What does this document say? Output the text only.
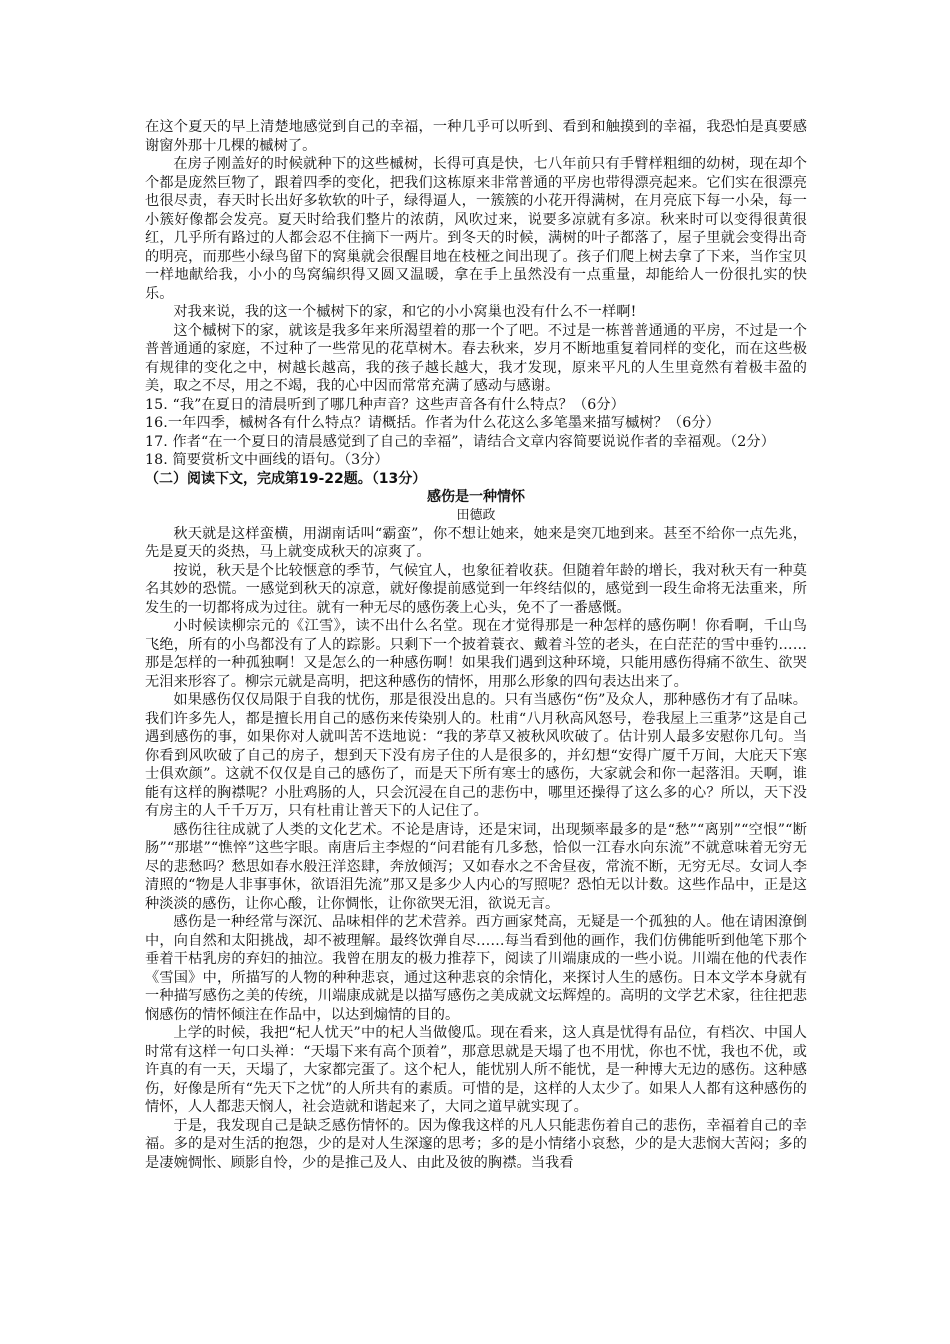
在这个夏天的早上清楚地感觉到自己的幸福，一种几乎可以听到、看到和触摸到的幸福，我恐怕是真要感谢窗外那十几棵的槭树了。

在房子刚盖好的时候就种下的这些槭树，长得可真是快，七八年前只有手臂样粗细的幼树，现在却个个都是庞然巨物了，跟着四季的变化，把我们这栋原来非常普通的平房也带得漂亮起来。它们实在很漂亮也很尽责，春天时长出好多软软的叶子，绿得逼人，一簇簇的小花开得满树，在月亮底下每一小朵，每一小簇好像都会发亮。夏天时给我们整片的浓荫，风吹过来，说要多凉就有多凉。秋来时可以变得很黄很红，几乎所有路过的人都会忍不住摘下一两片。到冬天的时候，满树的叶子都落了，屋子里就会变得出奇的明亮，而那些小绿鸟留下的窝巢就会很醒目地在枝桠之间出现了。孩子们爬上树去拿了下来，当作宝贝一样地献给我，小小的鸟窝编织得又圆又温暖，拿在手上虽然没有一点重量，却能给人一份很扎实的快乐。

对我来说，我的这一个槭树下的家，和它的小小窝巢也没有什么不一样啊!

这个槭树下的家，就该是我多年来所渴望着的那一个了吧。不过是一栋普普通通的平房，不过是一个普普通通的家庭，不过种了一些常见的花草树木。春去秋来，岁月不断地重复着同样的变化，而在这些极有规律的变化之中，树越长越高，我的孩子越长越大，我才发现，原来平凡的人生里竟然有着极丰盈的美，取之不尽，用之不竭，我的心中因而常常充满了感动与感谢。

15. “我”在夏日的清晨听到了哪几种声音？这些声音各有什么特点？（6分）

16.一年四季，槭树各有什么特点？请概括。作者为什么花这么多笔墨来描写槭树？（6分）

17. 作者“在一个夏日的清晨感觉到了自己的幸福”，请结合文章内容简要说说作者的幸福观。（2分）

18. 简要赏析文中画线的语句。（3分）

（二）阅读下文，完成第19-22题。（13分）
感伤是一种情怀
田德政

秋天就是这样蛮横，用湖南话叫“霸蛮”，你不想让她来，她来是突兀地到来。甚至不给你一点先兆，先是夏天的炎热，马上就变成秋天的凉爽了。

按说，秋天是个比较惬意的季节，气候宜人，也象征着收获。但随着年龄的增长，我对秋天有一种莫名其妙的恐慌。一感觉到秋天的凉意，就好像提前感觉到一年终结似的，感觉到一段生命将无法重来，所发生的一切都将成为过往。就有一种无尽的感伤袭上心头，免不了一番感慨。

小时候读柳宗元的《江雪》，读不出什么名堂。现在才觉得那是一种怎样的感伤啊！你看啊，千山鸟飞绝，所有的小鸟都没有了人的踪影。只剩下一个披着蓑衣、戴着斗笠的老头，在白茫茫的雪中垂钓……那是怎样的一种孤独啊！又是怎么的一种感伤啊！如果我们遇到这种环境，只能用感伤得痛不欲生、欲哭无泪来形容了。柳宗元就是高明，把这种感伤的情怀，用那么形象的四句表达出来了。

如果感伤仅仅局限于自我的忧伤，那是很没出息的。只有当感伤“伤”及众人，那种感伤才有了品味。我们许多先人，都是擅长用自己的感伤来传染别人的。杜甫“八月秋高风怒号，卷我屋上三重茅”这是自己遇到感伤的事，如果你对人就叫苦不迭地说：“我的茅草又被秋风吹破了。估计别人最多安慰你几句。当你看到风吹破了自己的房子，想到天下没有房子住的人是很多的，并幻想“安得广厦千万间，大庇天下寒士俱欢颜”。这就不仅仅是自己的感伤了，而是天下所有寒士的感伤，大家就会和你一起落泪。天啊，谁能有这样的胸襟呢？小肚鸡肠的人，只会沉浸在自己的悲伤中，哪里还操得了这么多的心？所以，天下没有房主的人千千万万，只有杜甫让普天下的人记住了。

感伤往往成就了人类的文化艺术。不论是唐诗，还是宋词，出现频率最多的是“愁”“离别”“空恨”“断肠”“那堪”“憔悴”这些字眼。南唐后主李煜的“问君能有几多愁，恰似一江春水向东流”不就意味着无穷无尽的悲愁吗？愁思如春水般汪洋恣肆，奔放倾泻；又如春水之不舍昼夜，常流不断，无穷无尽。女词人李清照的“物是人非事事休，欲语泪先流”那又是多少人内心的写照呢？恐怕无以计数。这些作品中，正是这种淡淡的感伤，让你心酸，让你惆怅，让你欲哭无泪，欲说无言。

感伤是一种经常与深沉、品味相伴的艺术营养。西方画家梵高，无疑是一个孤独的人。他在请困潦倒中，向自然和太阳挑战，却不被理解。最终饮弹自尽……每当看到他的画作，我们仿佛能听到他笔下那个垂着干枯乳房的弃妇的抽泣。我曾在朋友的极力推荐下，阅读了川端康成的一些小说。川端在他的代表作《雪国》中，所描写的人物的种种悲哀，通过这种悲哀的余情化，来探讨人生的感伤。日本文学本身就有一种描写感伤之美的传统，川端康成就是以描写感伤之美成就文坛辉煌的。高明的文学艺术家，往往把悲悯感伤的情怀倾注在作品中，以达到煽情的目的。

上学的时候，我把“杞人忧天”中的杞人当做傻瓜。现在看来，这人真是忧得有品位，有档次、中国人时常有这样一句口头禅：“天塌下来有高个顶着”，那意思就是天塌了也不用忧，你也不忧，我也不优，或许真的有一天，天塌了，大家都完蛋了。这个杞人，能忧别人所不能忧，是一种博大无边的感伤。这种感伤，好像是所有“先天下之忧”的人所共有的素质。可惜的是，这样的人太少了。如果人人都有这种感伤的情怀，人人都悲天悯人，社会造就和谐起来了，大同之道早就实现了。

于是，我发现自己是缺乏感伤情怀的。因为像我这样的凡人只能悲伤着自己的悲伤，幸福着自己的幸福。多的是对生活的抱怨，少的是对人生深邃的思考；多的是小情绪小哀愁，少的是大悲悯大苦闷；多的是凄婉惆怅、顾影自怜，少的是推己及人、由此及彼的胸襟。当我看
